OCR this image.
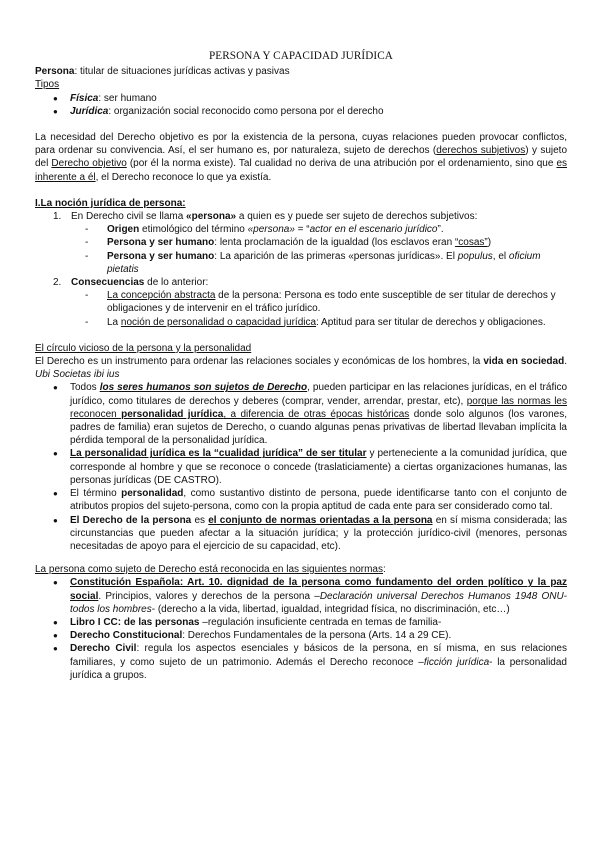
PERSONA Y CAPACIDAD JURÍDICA

Persona: titular de situaciones jurídicas activas y pasivas

Tipos

● Física: ser humano
● Jurídica: organización social reconocido como persona por el derecho

La necesidad del Derecho objetivo es por la existencia de la persona, cuyas relaciones pueden provocar conflictos, para ordenar su convivencia. Así, el ser humano es, por naturaleza, sujeto de derechos (derechos subjetivos) y sujeto del Derecho objetivo (por él la norma existe). Tal cualidad no deriva de una atribución por el ordenamiento, sino que es inherente a él, el Derecho reconoce lo que ya existía.

I.La noción jurídica de persona:

1. En Derecho civil se llama «persona» a quien es y puede ser sujeto de derechos subjetivos:
- Origen etimológico del término «persona» = “actor en el escenario jurídico”.
- Persona y ser humano: lenta proclamación de la igualdad (los esclavos eran “cosas”)
- Persona y ser humano: La aparición de las primeras «personas jurídicas». El populus, el oficium pietatis
2. Consecuencias de lo anterior:
- La concepción abstracta de la persona: Persona es todo ente susceptible de ser titular de derechos y obligaciones y de intervenir en el tráfico jurídico.
- La noción de personalidad o capacidad jurídica: Aptitud para ser titular de derechos y obligaciones.

El círculo vicioso de la persona y la personalidad

El Derecho es un instrumento para ordenar las relaciones sociales y económicas de los hombres, la vida en sociedad. Ubi Societas ibi ius

● Todos los seres humanos son sujetos de Derecho, pueden participar en las relaciones jurídicas, en el tráfico jurídico, como titulares de derechos y deberes (comprar, vender, arrendar, prestar, etc), porque las normas les reconocen personalidad jurídica, a diferencia de otras épocas históricas donde solo algunos (los varones, padres de familia) eran sujetos de Derecho, o cuando algunas penas privativas de libertad llevaban implícita la pérdida temporal de la personalidad jurídica.
● La personalidad jurídica es la “cualidad jurídica” de ser titular y perteneciente a la comunidad jurídica, que corresponde al hombre y que se reconoce o concede (traslaticiamente) a ciertas organizaciones humanas, las personas jurídicas (DE CASTRO).
● El término personalidad, como sustantivo distinto de persona, puede identificarse tanto con el conjunto de atributos propios del sujeto-persona, como con la propia aptitud de cada ente para ser considerado como tal.
● El Derecho de la persona es el conjunto de normas orientadas a la persona en sí misma considerada; las circunstancias que pueden afectar a la situación jurídica; y la protección jurídico-civil (menores, personas necesitadas de apoyo para el ejercicio de su capacidad, etc).

La persona como sujeto de Derecho está reconocida en las siguientes normas:

● Constitución Española: Art. 10. dignidad de la persona como fundamento del orden político y la paz social. Principios, valores y derechos de la persona –Declaración universal Derechos Humanos 1948 ONU- todos los hombres- (derecho a la vida, libertad, igualdad, integridad física, no discriminación, etc…)
● Libro I CC: de las personas –regulación insuficiente centrada en temas de familia-
● Derecho Constitucional: Derechos Fundamentales de la persona (Arts. 14 a 29 CE).
● Derecho Civil: regula los aspectos esenciales y básicos de la persona, en sí misma, en sus relaciones familiares, y como sujeto de un patrimonio. Además el Derecho reconoce –ficción jurídica- la personalidad jurídica a grupos.
